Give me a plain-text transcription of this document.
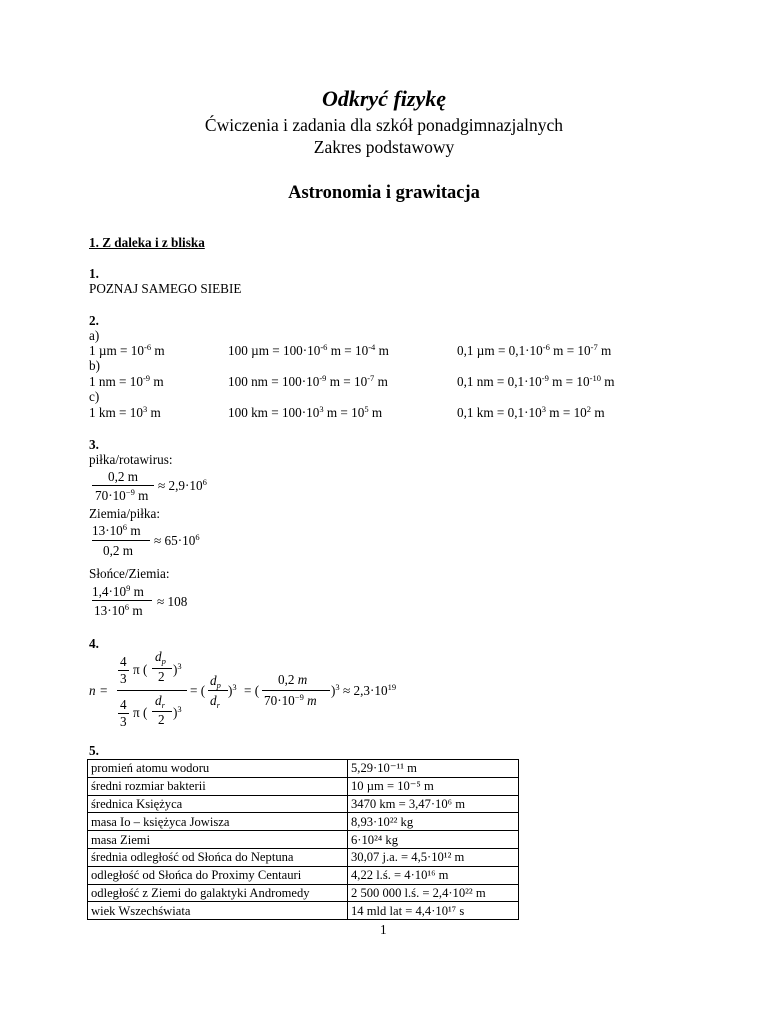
Odkryć fizykę
Ćwiczenia i zadania dla szkół ponadgimnazjalnych
Zakres podstawowy
Astronomia i grawitacja
1. Z daleka i z bliska
1.
POZNAJ SAMEGO SIEBIE
2.
a)
1 $\mu m = 10^{-6}$ m	100 $\mu m = 100\cdot 10^{-6}$ $m = 10^{-4}$ m	0,1 $\mu m = 0,1\cdot 10^{-6}$ $m = 10^{-7}$ m
b)
1 nm = $10^{-9}$ m	100 nm = $100\cdot 10^{-9}$ $m = 10^{-7}$ m	0,1 nm = $0,1\cdot 10^{-9}$ $m = 10^{-10}$ m
c)
1 km = $10^3$ m	100 km = $100\cdot 10^3$ $m = 10^5$ m	0,1 km = $0,1\cdot 10^3$ $m = 10^2$ m
3.
piłka/rotawirus:
0,2 m
$70\cdot 10^{-9}$ m
≈ $2,9\cdot 10^6$
Ziemia/piłka:
$13\cdot 10^6$ m
0,2 m
≈ $65\cdot 10^6$
Słońce/Ziemia:
$1,4\cdot 10^9$ m
$13\cdot 10^6$ m
≈ 108
4.
n =
4
3
π (
$d_p$
2 )$^3$
4
3
π (
$d_r$
2 )$^3$
= (
$d_p$
$d_r$
)$^3$ = (
0,2 m
$70\cdot 10^{-9}$ m
)$^3 \approx 2,3\cdot 10^{19}$
5.
promień atomu wodoru	5,29·10⁻¹¹ m
średni rozmiar bakterii	10 µm = 10⁻⁵ m
średnica Księżyca	3470 km = 3,47·10⁶ m
masa Io – księżyca Jowisza	8,93·10²² kg
masa Ziemi	6·10²⁴ kg
średnia odległość od Słońca do Neptuna	30,07 j.a. = 4,5·10¹² m
odległość od Słońca do Proximy Centauri	4,22 l.ś. = 4·10¹⁶ m
odległość z Ziemi do galaktyki Andromedy	2 500 000 l.ś. = 2,4·10²² m
wiek Wszechświata	14 mld lat = 4,4·10¹⁷ s
1
